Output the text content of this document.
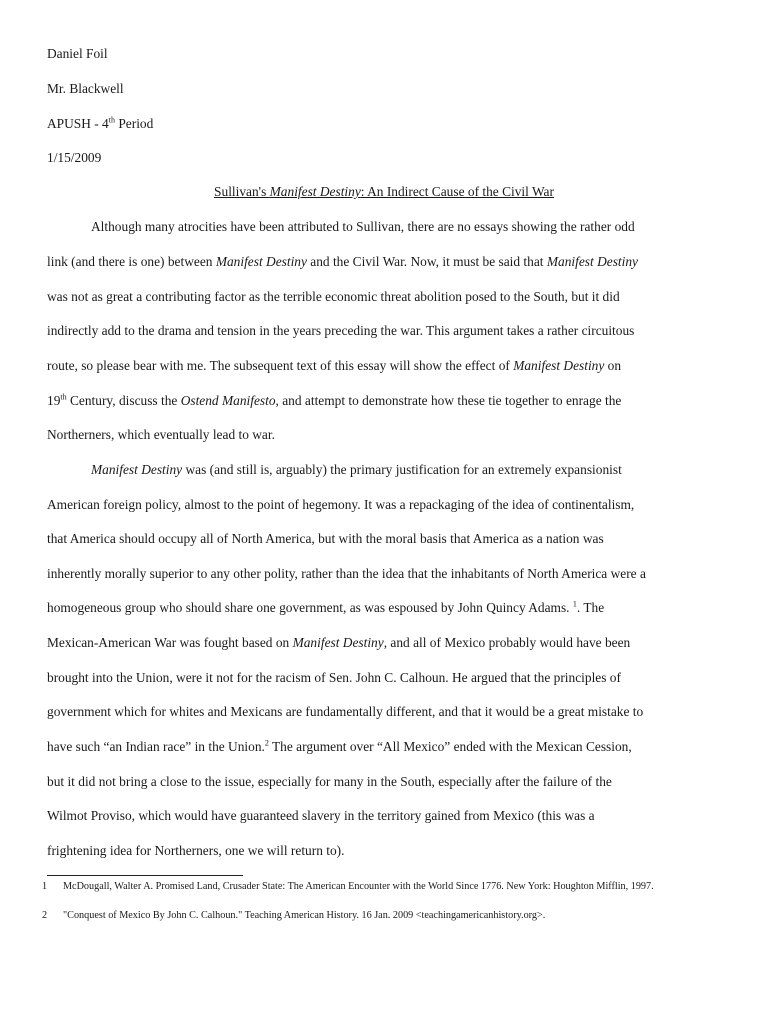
Daniel Foil
Mr. Blackwell
APUSH - 4th Period
1/15/2009
Sullivan's Manifest Destiny: An Indirect Cause of the Civil War
Although many atrocities have been attributed to Sullivan, there are no essays showing the rather odd
link (and there is one) between Manifest Destiny and the Civil War. Now, it must be said that Manifest Destiny
was not as great a contributing factor as the terrible economic threat abolition posed to the South, but it did
indirectly add to the drama and tension in the years preceding the war. This argument takes a rather circuitous
route, so please bear with me. The subsequent text of this essay will show the effect of Manifest Destiny on
19th Century, discuss the Ostend Manifesto, and attempt to demonstrate how these tie together to enrage the
Northerners, which eventually lead to war.
Manifest Destiny was (and still is, arguably) the primary justification for an extremely expansionist
American foreign policy, almost to the point of hegemony. It was a repackaging of the idea of continentalism,
that America should occupy all of North America, but with the moral basis that America as a nation was
inherently morally superior to any other polity, rather than the idea that the inhabitants of North America were a
homogeneous group who should share one government, as was espoused by John Quincy Adams. $^1$. The
Mexican-American War was fought based on Manifest Destiny, and all of Mexico probably would have been
brought into the Union, were it not for the racism of Sen. John C. Calhoun. He argued that the principles of
government which for whites and Mexicans are fundamentally different, and that it would be a great mistake to
have such “an Indian race” in the Union.$^2$ The argument over “All Mexico” ended with the Mexican Cession,
but it did not bring a close to the issue, especially for many in the South, especially after the failure of the
Wilmot Proviso, which would have guaranteed slavery in the territory gained from Mexico (this was a
frightening idea for Northerners, one we will return to).
1 McDougall, Walter A. Promised Land, Crusader State: The American Encounter with the World Since 1776. New York: Houghton Mifflin, 1997.
2 "Conquest of Mexico By John C. Calhoun." Teaching American History. 16 Jan. 2009 <teachingamericanhistory.org>.
